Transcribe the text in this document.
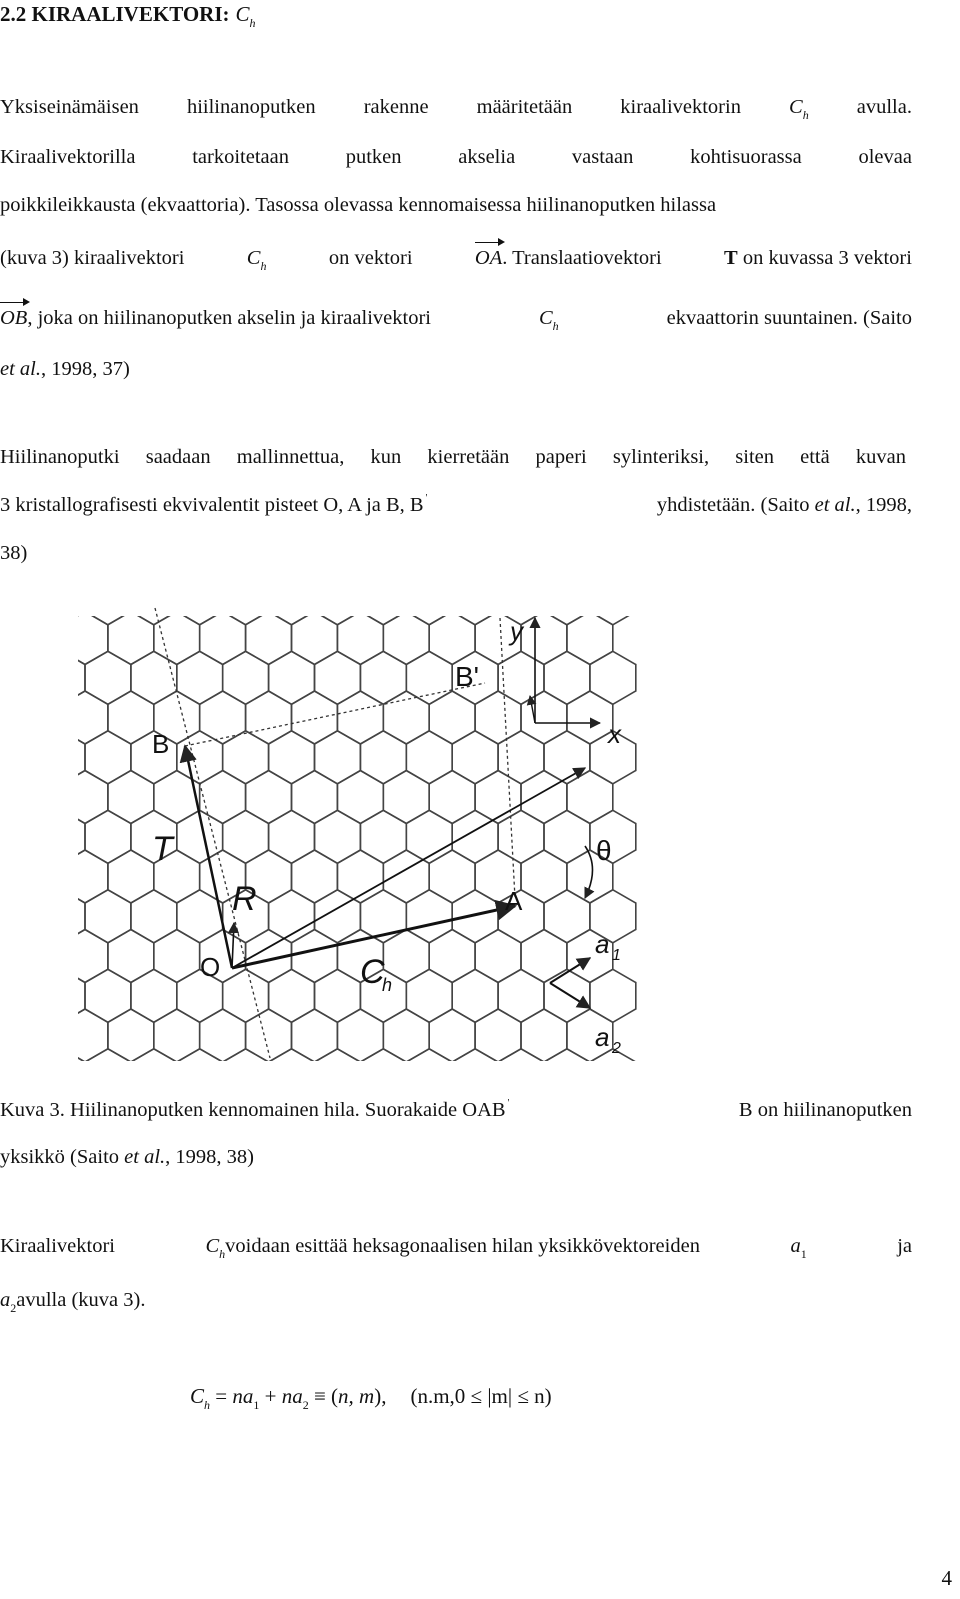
2.2 KIRAALIVEKTORI: $C_h$
Yksiseinämäisen hiilinanoputken rakenne määritetään kiraalivektorin $C_h$ avulla.
Kiraalivektorilla	tarkoitetaan	putken	akselia	vastaan	kohtisuorassa	olevaa
poikkileikkausta (ekvaattoria). Tasossa olevassa kennomaisessa hiilinanoputken hilassa
(kuva 3) kiraalivektori	$C_h$	on vektori	OA. Translaatiovektori	T on kuvassa 3 vektori
OB, joka on hiilinanoputken akselin ja kiraalivektori	$C_h$	ekvaattorin suuntainen. (Saito
et al., 1998, 37)
Hiilinanoputki saadaan mallinnettua, kun kierretään paperi sylinteriksi, siten että kuvan
3 kristallografisesti ekvivalentit pisteet O, A ja B, B '	yhdistetään. (Saito et al., 1998,
38)
O
A
B
B'
T
R
C
h
x
y
θ
a 1
a 2
Kuva 3. Hiilinanoputken kennomainen hila. Suorakaide OAB '	B on hiilinanoputken
yksikkö (Saito et al., 1998, 38)
Kiraalivektori	$C_hvoidaan$ esittää heksagonaalisen hilan yksikkövektoreiden	$a_1$	ja
$a_2avulla$ (kuva 3).
$C_h = na_1 + na_2 \equiv (n$, m), (n.m,0 ≤ |m| ≤ n)
4
